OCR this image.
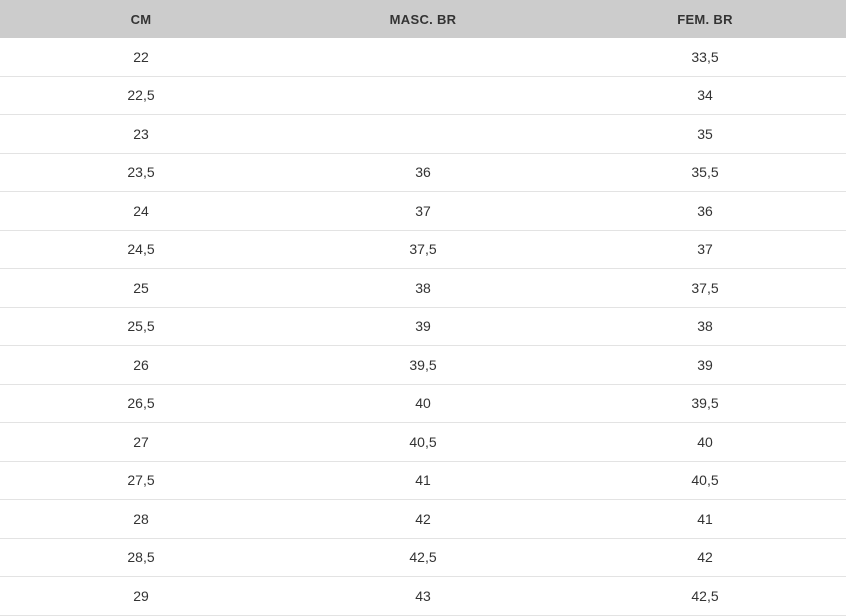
CM	MASC. BR	FEM. BR
22		33,5
22,5		34
23		35
23,5	36	35,5
24	37	36
24,5	37,5	37
25	38	37,5
25,5	39	38
26	39,5	39
26,5	40	39,5
27	40,5	40
27,5	41	40,5
28	42	41
28,5	42,5	42
29	43	42,5
